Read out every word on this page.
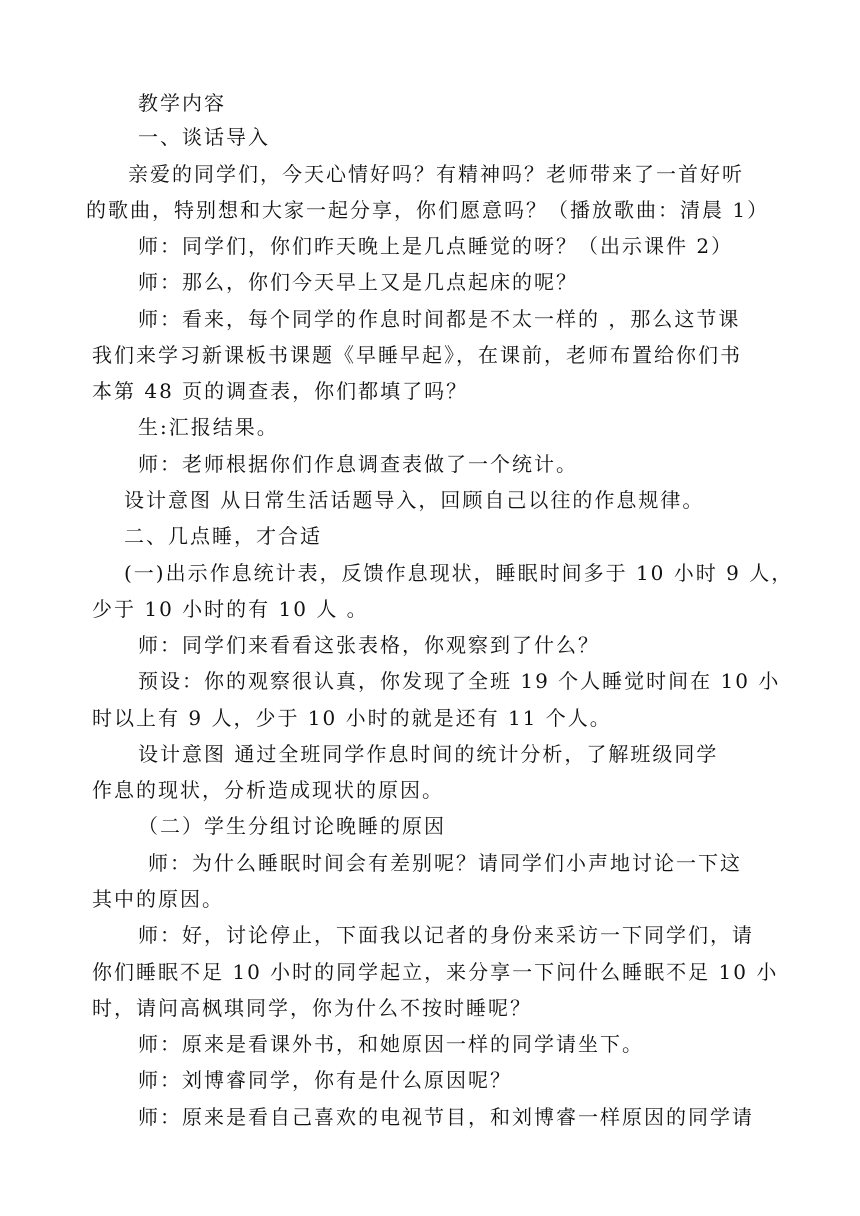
教学内容
一、谈话导入
亲爱的同学们，今天心情好吗？有精神吗？老师带来了一首好听
的歌曲，特别想和大家一起分享，你们愿意吗？（播放歌曲：清晨 1）
师：同学们，你们昨天晚上是几点睡觉的呀？（出示课件 2）
师：那么，你们今天早上又是几点起床的呢？
师：看来，每个同学的作息时间都是不太一样的 ，那么这节课
我们来学习新课板书课题《早睡早起》，在课前，老师布置给你们书
本第 48 页的调查表，你们都填了吗？
生:汇报结果。
师：老师根据你们作息调查表做了一个统计。
设计意图 从日常生活话题导入，回顾自己以往的作息规律。
二、几点睡，才合适
(一)出示作息统计表，反馈作息现状，睡眠时间多于 10 小时 9 人，
少于 10 小时的有 10 人 。
师：同学们来看看这张表格，你观察到了什么？
预设：你的观察很认真，你发现了全班 19 个人睡觉时间在 10 小
时以上有 9 人，少于 10 小时的就是还有 11 个人。
设计意图 通过全班同学作息时间的统计分析，了解班级同学
作息的现状，分析造成现状的原因。
（二）学生分组讨论晚睡的原因
师：为什么睡眠时间会有差别呢？请同学们小声地讨论一下这
其中的原因。
师：好，讨论停止，下面我以记者的身份来采访一下同学们，请
你们睡眠不足 10 小时的同学起立，来分享一下问什么睡眠不足 10 小
时，请问高枫琪同学，你为什么不按时睡呢？
师：原来是看课外书，和她原因一样的同学请坐下。
师：刘博睿同学，你有是什么原因呢？
师：原来是看自己喜欢的电视节目，和刘博睿一样原因的同学请
